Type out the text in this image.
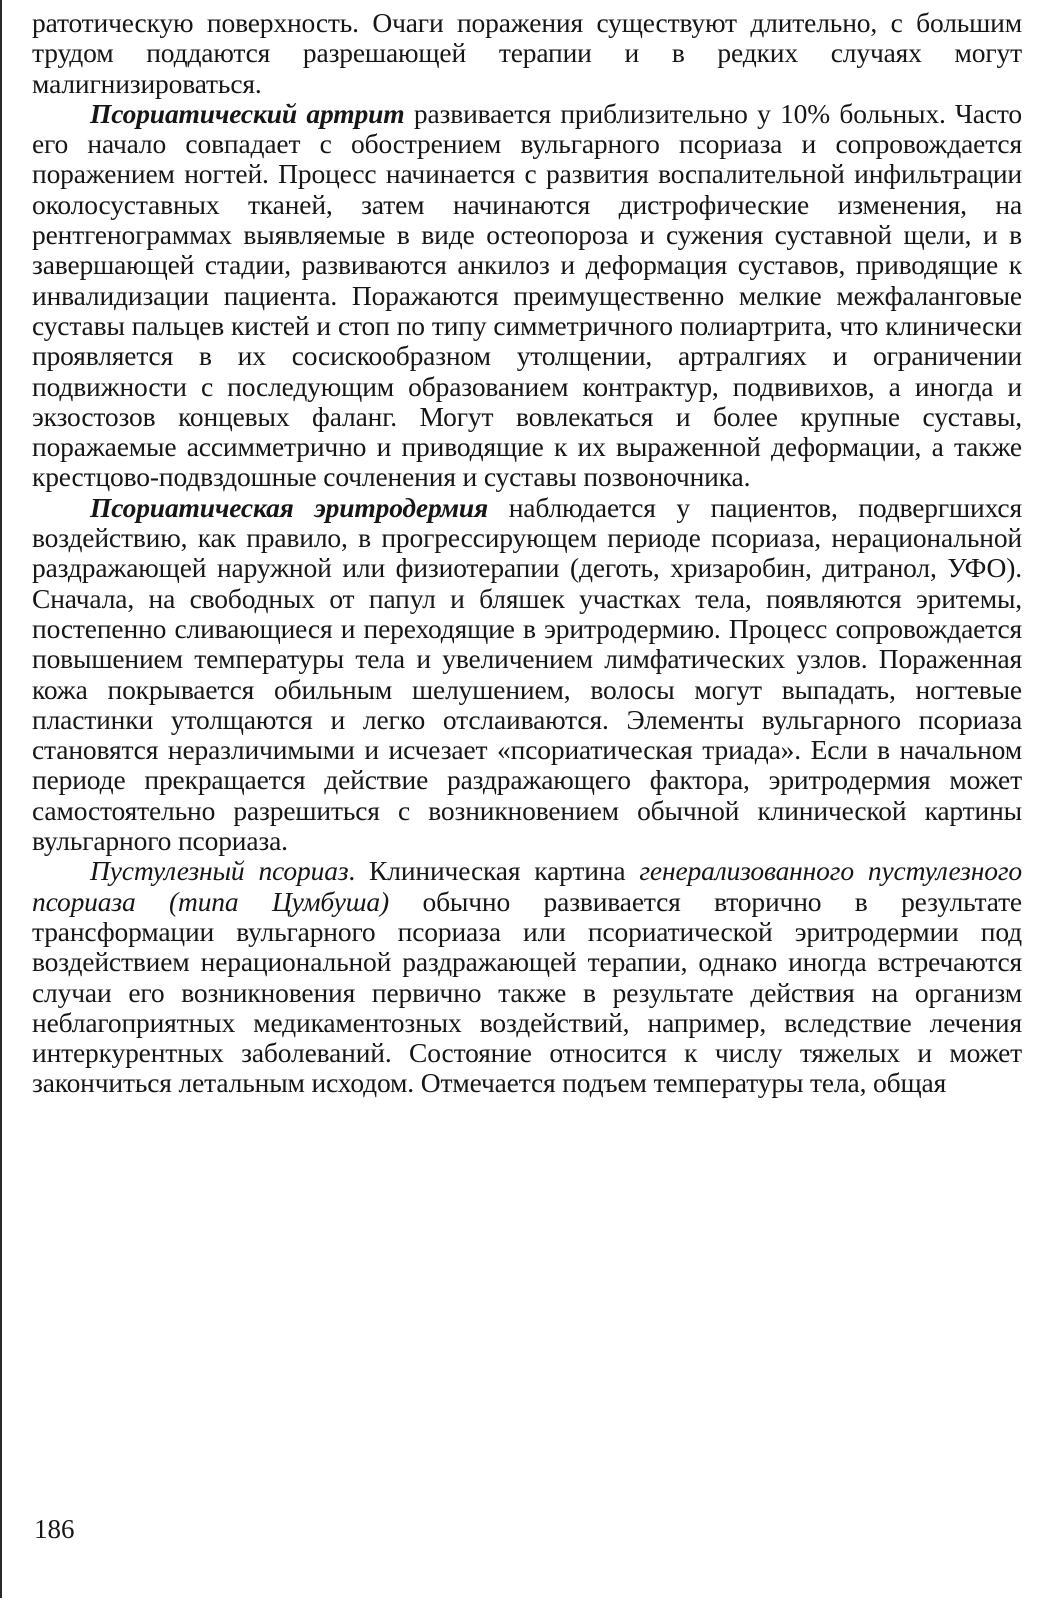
ратотическую поверхность. Очаги поражения существуют длительно, с большим трудом поддаются разрешающей терапии и в редких случаях могут малигнизироваться.

Псориатический артрит развивается приблизительно у 10% больных. Часто его начало совпадает с обострением вульгарного псориаза и сопровождается поражением ногтей. Процесс начинается с развития воспалительной инфильтрации околосуставных тканей, затем начинаются дистрофические изменения, на рентгенограммах выявляемые в виде остеопороза и сужения суставной щели, и в завершающей стадии, развиваются анкилоз и деформация суставов, приводящие к инвалидизации пациента. Поражаются преимущественно мелкие межфаланговые суставы пальцев кистей и стоп по типу симметричного полиартрита, что клинически проявляется в их сосискообразном утолщении, артралгиях и ограничении подвижности с последующим образованием контрактур, подвивихов, а иногда и экзостозов концевых фаланг. Могут вовлекаться и более крупные суставы, поражаемые ассимметрично и приводящие к их выраженной деформации, а также крестцово-подвздошные сочленения и суставы позвоночника.

Псориатическая эритродермия наблюдается у пациентов, подвергшихся воздействию, как правило, в прогрессирующем периоде псориаза, нерациональной раздражающей наружной или физиотерапии (деготь, хризаробин, дитранол, УФО). Сначала, на свободных от папул и бляшек участках тела, появляются эритемы, постепенно сливающиеся и переходящие в эритродермию. Процесс сопровождается повышением температуры тела и увеличением лимфатических узлов. Пораженная кожа покрывается обильным шелушением, волосы могут выпадать, ногтевые пластинки утолщаются и легко отслаиваются. Элементы вульгарного псориаза становятся неразличимыми и исчезает «псориатическая триада». Если в начальном периоде прекращается действие раздражающего фактора, эритродермия может самостоятельно разрешиться с возникновением обычной клинической картины вульгарного псориаза.

Пустулезный псориаз. Клиническая картина генерализованного пустулезного псориаза (типа Цумбуша) обычно развивается вторично в результате трансформации вульгарного псориаза или псориатической эритродермии под воздействием нерациональной раздражающей терапии, однако иногда встречаются случаи его возникновения первично также в результате действия на организм неблагоприятных медикаментозных воздействий, например, вследствие лечения интеркурентных заболеваний. Состояние относится к числу тяжелых и может закончиться летальным исходом. Отмечается подъем температуры тела, общая

186
